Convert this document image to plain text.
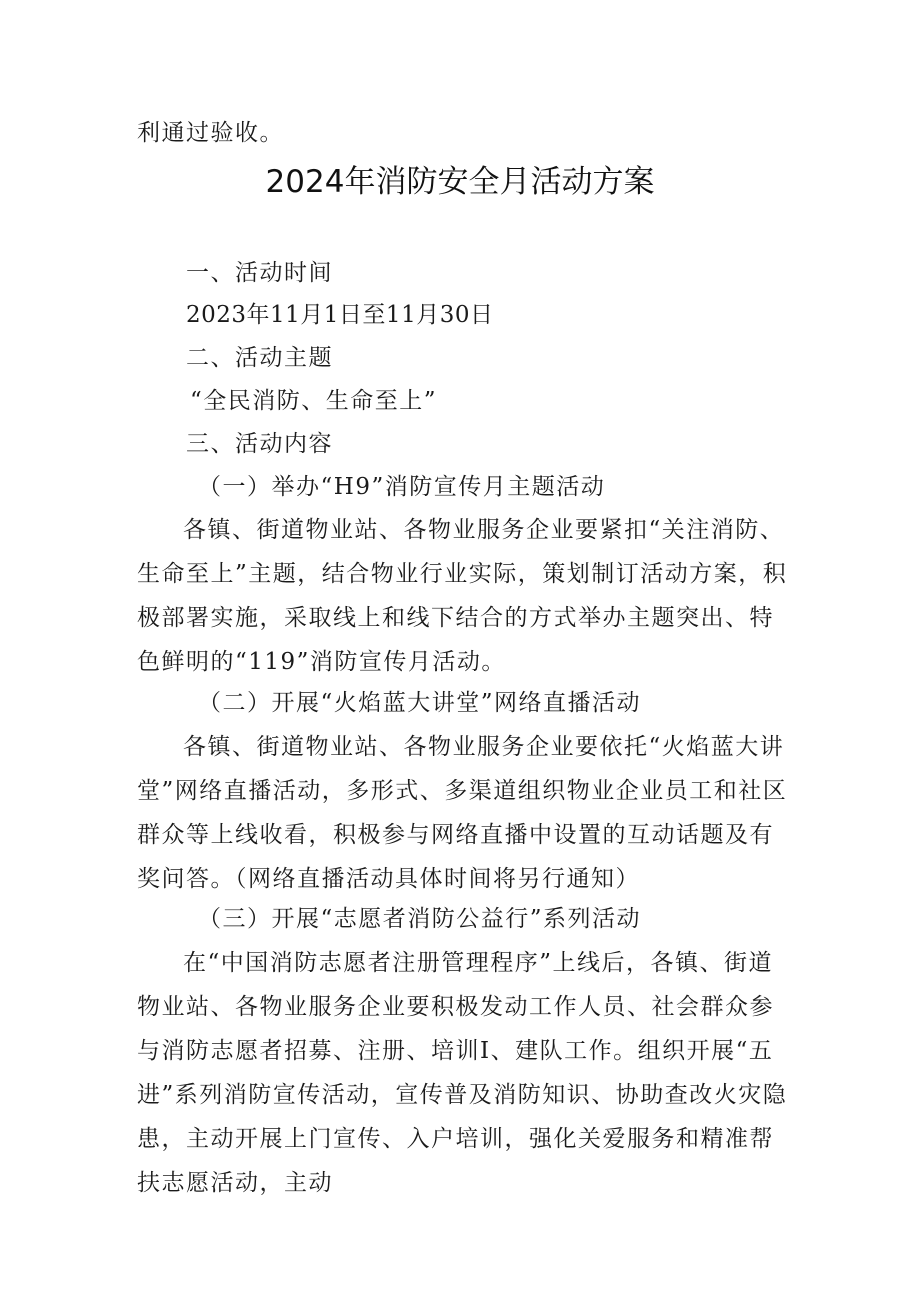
利通过验收。
2024年消防安全月活动方案
一、活动时间
2023年11月1日至11月30日
二、活动主题
“全民消防、生命至上”
三、活动内容
（一）举办“H9”消防宣传月主题活动
各镇、街道物业站、各物业服务企业要紧扣“关注消防、生命至上”主题，结合物业行业实际，策划制订活动方案，积极部署实施，采取线上和线下结合的方式举办主题突出、特色鲜明的“119”消防宣传月活动。
（二）开展“火焰蓝大讲堂”网络直播活动
各镇、街道物业站、各物业服务企业要依托“火焰蓝大讲堂”网络直播活动，多形式、多渠道组织物业企业员工和社区群众等上线收看，积极参与网络直播中设置的互动话题及有奖问答。（网络直播活动具体时间将另行通知）
（三）开展“志愿者消防公益行”系列活动
在“中国消防志愿者注册管理程序”上线后，各镇、街道物业站、各物业服务企业要积极发动工作人员、社会群众参与消防志愿者招募、注册、培训I、建队工作。组织开展“五进”系列消防宣传活动，宣传普及消防知识、协助查改火灾隐患，主动开展上门宣传、入户培训，强化关爱服务和精准帮扶志愿活动，主动
